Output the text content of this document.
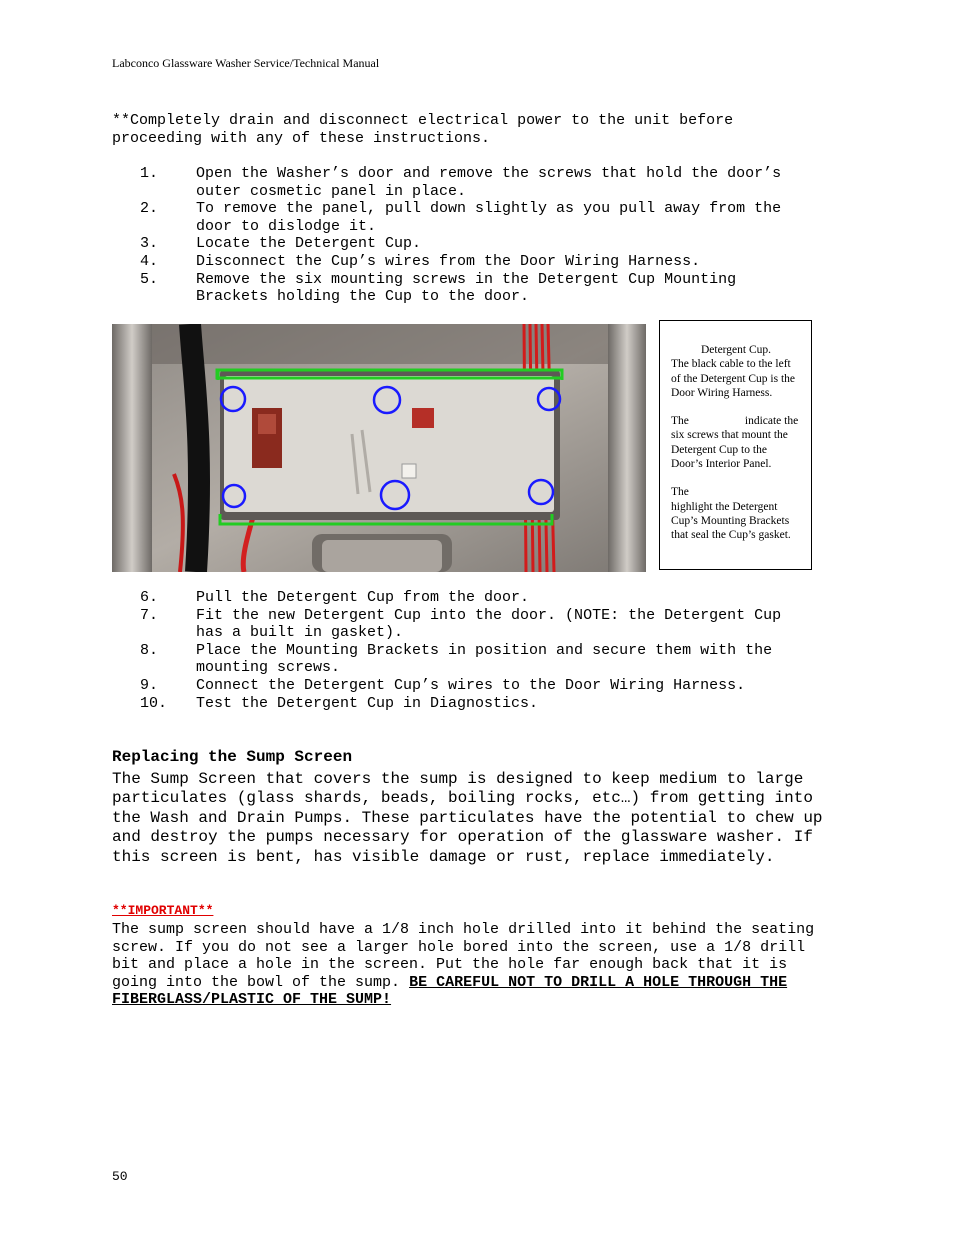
Labconco Glassware Washer Service/Technical Manual
**Completely drain and disconnect electrical power to the unit before
proceeding with any of these instructions.
1.	Open the Washer’s door and remove the screws that hold the door’s outer cosmetic panel in place.
2.	To remove the panel, pull down slightly as you pull away from the door to dislodge it.
3.	Locate the Detergent Cup.
4.	Disconnect the Cup’s wires from the Door Wiring Harness.
5.	Remove the six mounting screws in the Detergent Cup Mounting Brackets holding the Cup to the door.

Detergent Cup.
The black cable to the left of the Detergent Cup is the Door Wiring Harness.

The	indicate the six screws that mount the Detergent Cup to the Door’s Interior Panel.

The
highlight the Detergent Cup’s Mounting Brackets that seal the Cup’s gasket.

6.	Pull the Detergent Cup from the door.
7.	Fit the new Detergent Cup into the door. (NOTE: the Detergent Cup has a built in gasket).
8.	Place the Mounting Brackets in position and secure them with the mounting screws.
9.	Connect the Detergent Cup’s wires to the Door Wiring Harness.
10. Test the Detergent Cup in Diagnostics.
Replacing the Sump Screen

The Sump Screen that covers the sump is designed to keep medium to large particulates (glass shards, beads, boiling rocks, etc…) from getting into the Wash and Drain Pumps. These particulates have the potential to chew up and destroy the pumps necessary for operation of the glassware washer. If this screen is bent, has visible damage or rust, replace immediately.

**IMPORTANT**

The sump screen should have a 1/8 inch hole drilled into it behind the seating screw. If you do not see a larger hole bored into the screen, use a 1/8 drill bit and place a hole in the screen. Put the hole far enough back that it is going into the bowl of the sump. BE CAREFUL NOT TO DRILL A HOLE THROUGH THE FIBERGLASS/PLASTIC OF THE SUMP!

50
